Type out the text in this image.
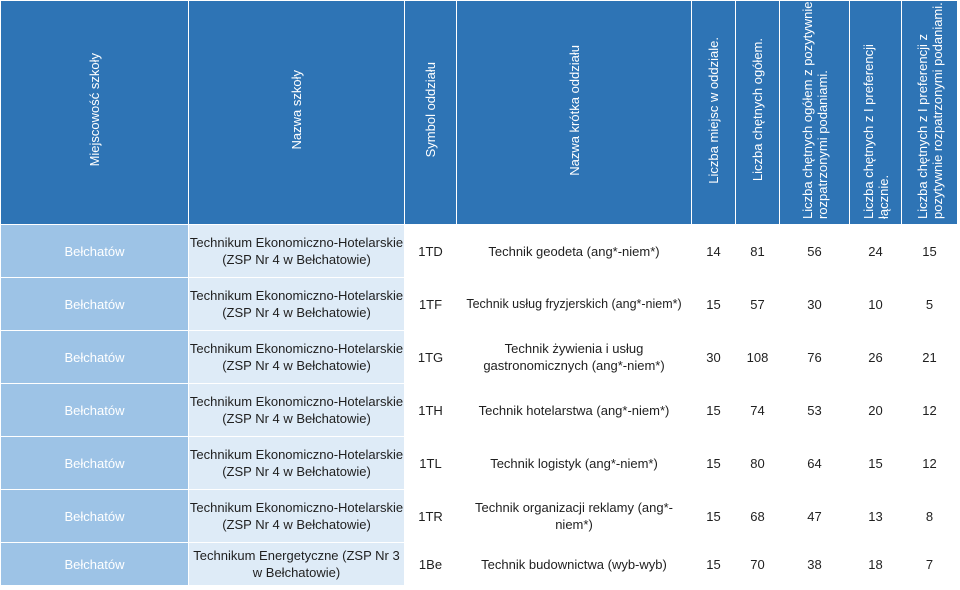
Miejscowość szkoły	Nazwa szkoły	Symbol oddziału	Nazwa krótka oddziału	Liczba miejsc w oddziale.	Liczba chętnych ogółem.	Liczba chętnych ogółem z pozytywnie rozpatrzonymi podaniami.	Liczba chętnych z I preferencji łącznie.	Liczba chętnych z I preferencji z pozytywnie rozpatrzonymi podaniami.
Bełchatów	Technikum Ekonomiczno-Hotelarskie (ZSP Nr 4 w Bełchatowie)	1TD	Technik geodeta (ang*-niem*)	14	81	56	24	15
Bełchatów	Technikum Ekonomiczno-Hotelarskie (ZSP Nr 4 w Bełchatowie)	1TF	Technik usług fryzjerskich (ang*-niem*)	15	57	30	10	5
Bełchatów	Technikum Ekonomiczno-Hotelarskie (ZSP Nr 4 w Bełchatowie)	1TG	Technik żywienia i usług gastronomicznych (ang*-niem*)	30	108	76	26	21
Bełchatów	Technikum Ekonomiczno-Hotelarskie (ZSP Nr 4 w Bełchatowie)	1TH	Technik hotelarstwa (ang*-niem*)	15	74	53	20	12
Bełchatów	Technikum Ekonomiczno-Hotelarskie (ZSP Nr 4 w Bełchatowie)	1TL	Technik logistyk (ang*-niem*)	15	80	64	15	12
Bełchatów	Technikum Ekonomiczno-Hotelarskie (ZSP Nr 4 w Bełchatowie)	1TR	Technik organizacji reklamy (ang*-niem*)	15	68	47	13	8
Bełchatów	Technikum Energetyczne (ZSP Nr 3 w Bełchatowie)	1Be	Technik budownictwa (wyb-wyb)	15	70	38	18	7
